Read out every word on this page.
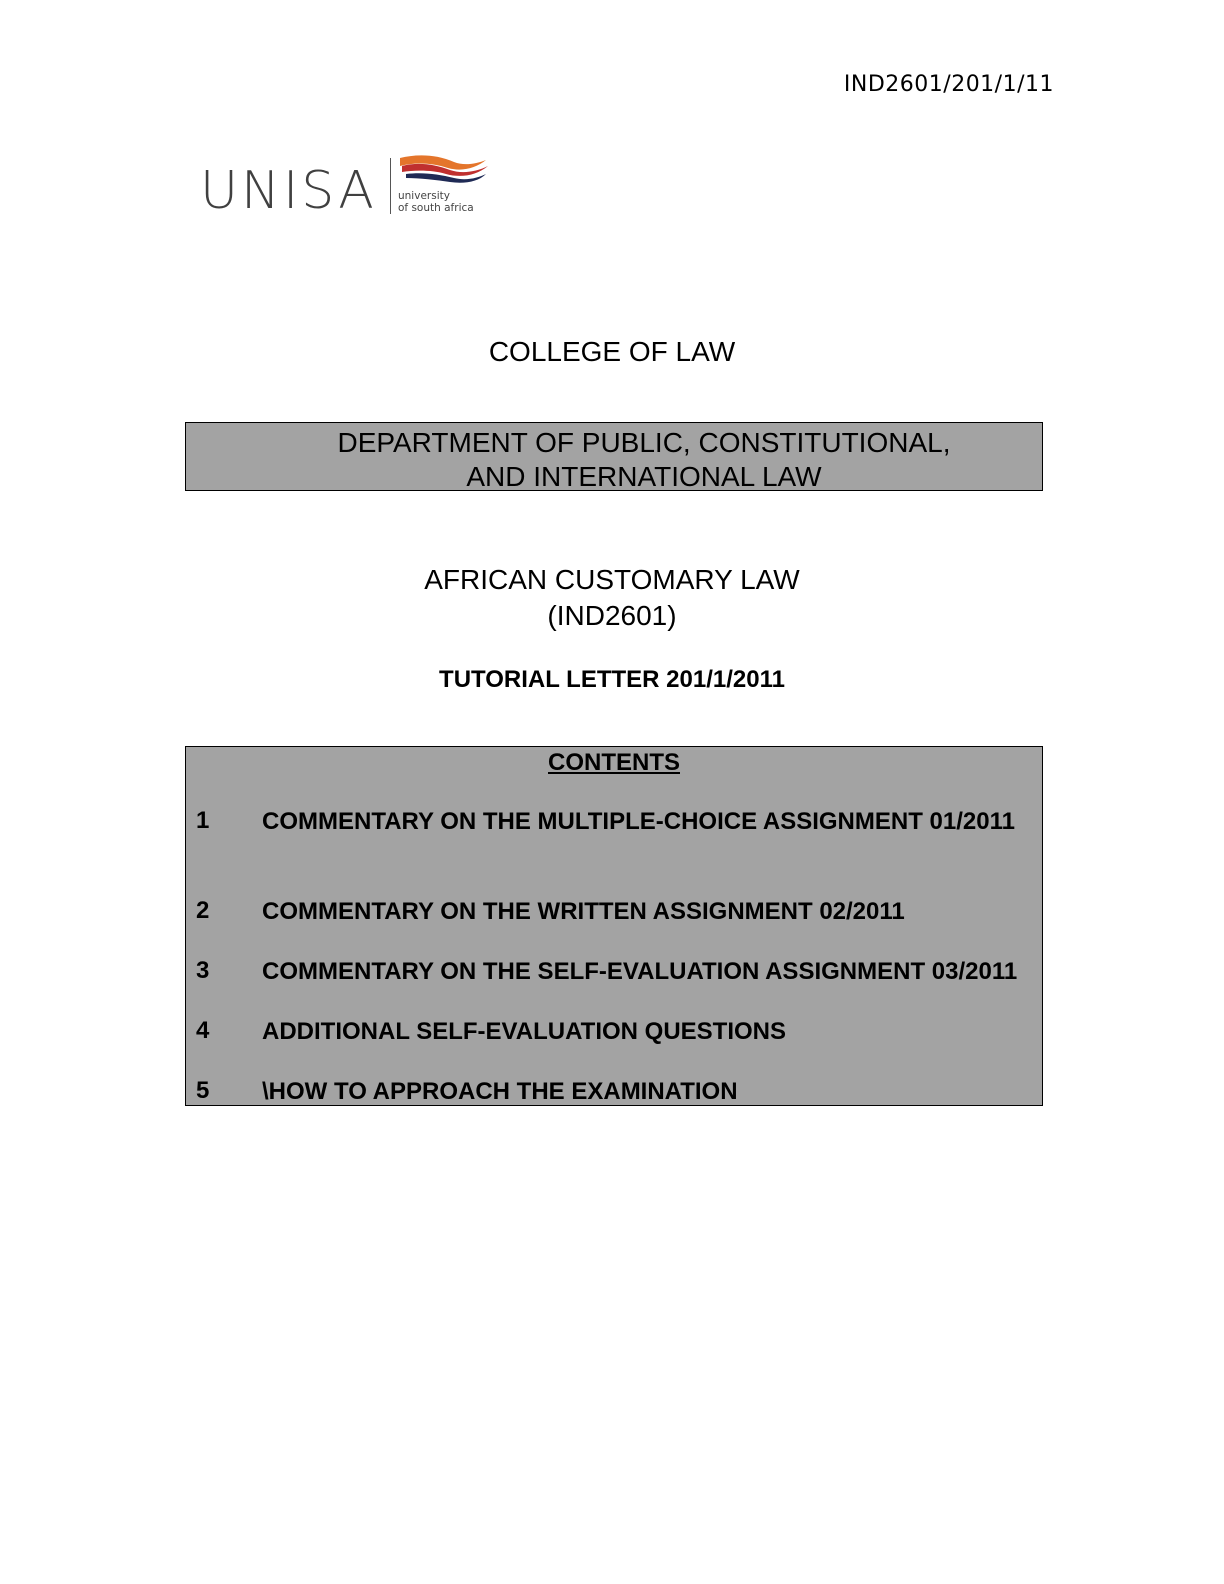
IND2601/201/1/11
UNISA university
of south africa
COLLEGE OF LAW
DEPARTMENT OF PUBLIC, CONSTITUTIONAL,
AND INTERNATIONAL LAW
AFRICAN CUSTOMARY LAW
(IND2601)
TUTORIAL LETTER 201/1/2011
CONTENTS
1 COMMENTARY ON THE MULTIPLE-CHOICE ASSIGNMENT 01/2011
2 COMMENTARY ON THE WRITTEN ASSIGNMENT 02/2011
3 COMMENTARY ON THE SELF-EVALUATION ASSIGNMENT 03/2011
4 ADDITIONAL SELF-EVALUATION QUESTIONS
5 \HOW TO APPROACH THE EXAMINATION
